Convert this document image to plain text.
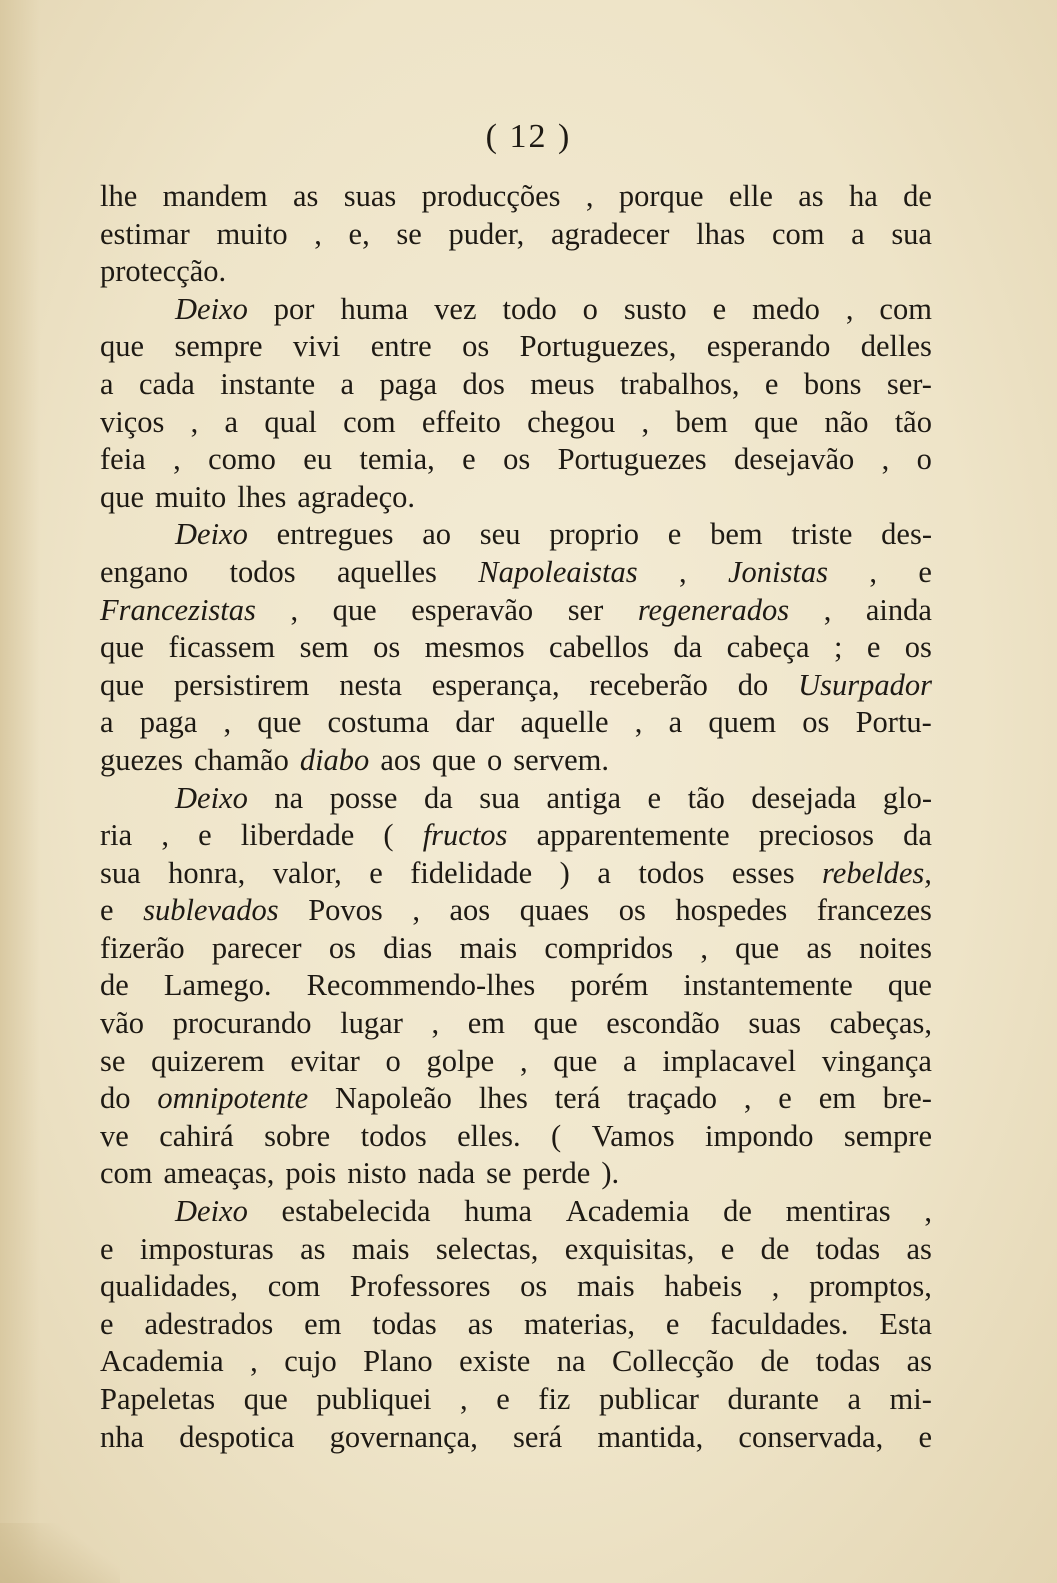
( 12 )
lhe mandem as suas producções , porque elle as ha de
estimar muito , e, se puder, agradecer lhas com a sua
protecção.
Deixo por huma vez todo o susto e medo , com
que sempre vivi entre os Portuguezes, esperando delles
a cada instante a paga dos meus trabalhos, e bons ser-
viços , a qual com effeito chegou , bem que não tão
feia , como eu temia, e os Portuguezes desejavão , o
que muito lhes agradeço.
Deixo entregues ao seu proprio e bem triste des-
engano todos aquelles Napoleaistas , Jonistas , e
Francezistas , que esperavão ser regenerados , ainda
que ficassem sem os mesmos cabellos da cabeça ; e os
que persistirem nesta esperança, receberão do Usurpador
a paga , que costuma dar aquelle , a quem os Portu-
guezes chamão diabo aos que o servem.
Deixo na posse da sua antiga e tão desejada glo-
ria , e liberdade ( fructos apparentemente preciosos da
sua honra, valor, e fidelidade ) a todos esses rebeldes,
e sublevados Povos , aos quaes os hospedes francezes
fizerão parecer os dias mais compridos , que as noites
de Lamego. Recommendo-lhes porém instantemente que
vão procurando lugar , em que escondão suas cabeças,
se quizerem evitar o golpe , que a implacavel vingança
do omnipotente Napoleão lhes terá traçado , e em bre-
ve cahirá sobre todos elles. ( Vamos impondo sempre
com ameaças, pois nisto nada se perde ).
Deixo estabelecida huma Academia de mentiras ,
e imposturas as mais selectas, exquisitas, e de todas as
qualidades, com Professores os mais habeis , promptos,
e adestrados em todas as materias, e faculdades. Esta
Academia , cujo Plano existe na Collecção de todas as
Papeletas que publiquei , e fiz publicar durante a mi-
nha despotica governança, será mantida, conservada, e
